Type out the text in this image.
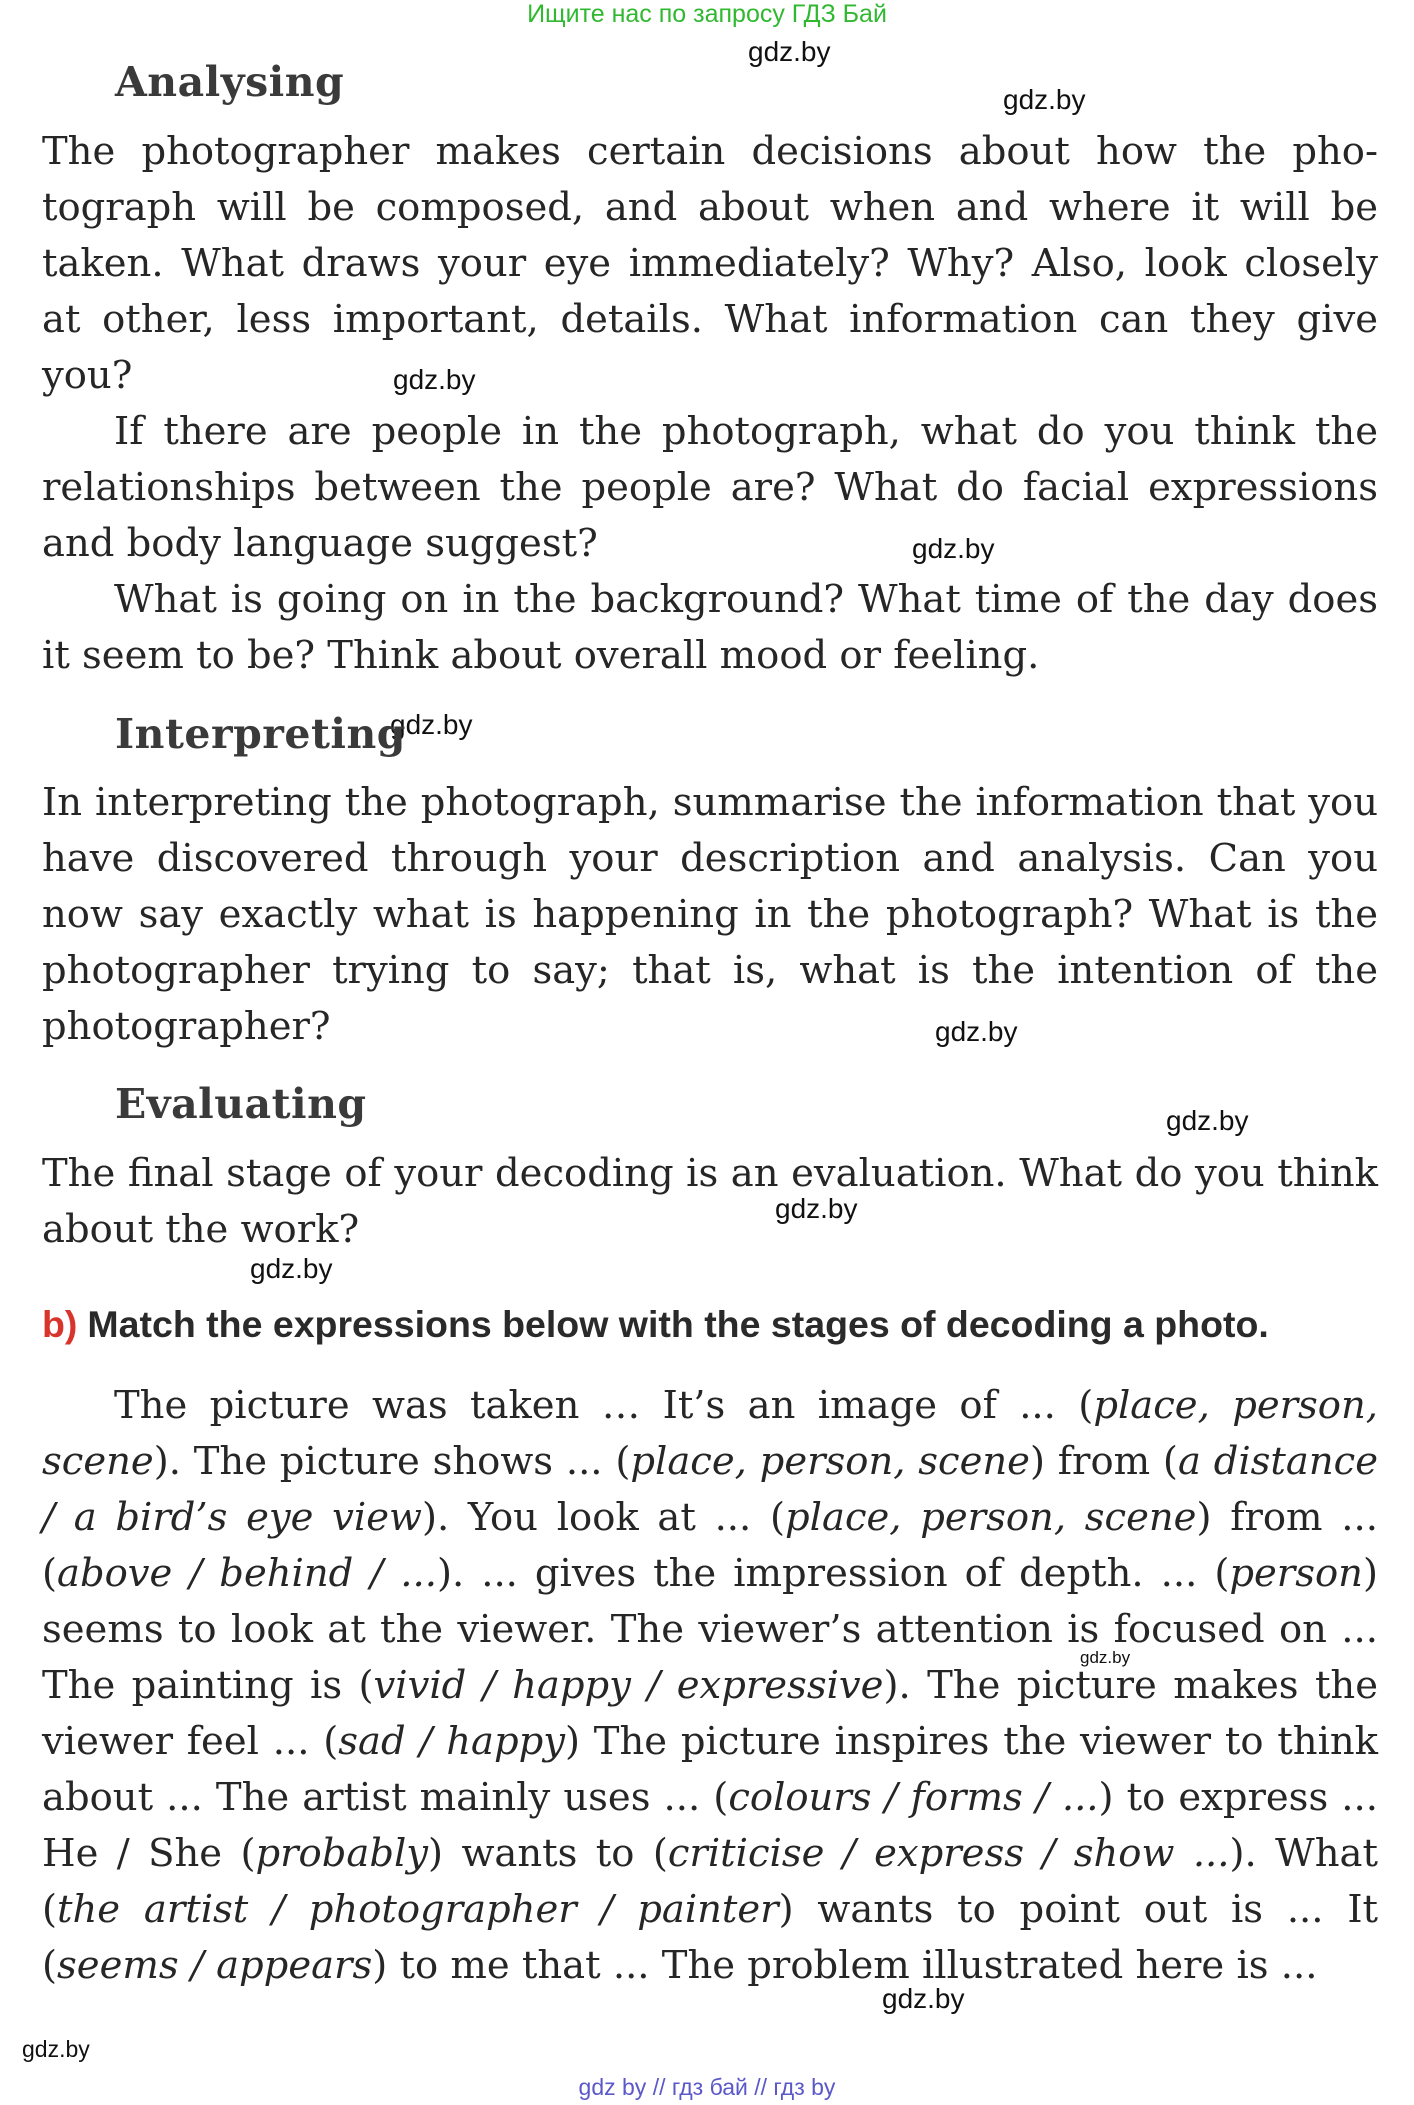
Ищите нас по запросу ГДЗ Бай
gdz.by
gdz.by
gdz.by
gdz.by
gdz.by
gdz.by
gdz.by
gdz.by
gdz.by
gdz.by
gdz.by
gdz.by
Analysing

The photographer makes certain decisions about how the photograph will be composed, and about when and where it will be taken. What draws your eye immediately? Why? Also, look closely at other, less important, details. What information can they give you?

If there are people in the photograph, what do you think the relationships between the people are? What do facial expressions and body language suggest?

What is going on in the background? What time of the day does it seem to be? Think about overall mood or feeling.

Interpreting

In interpreting the photograph, summarise the information that you have discovered through your description and analysis. Can you now say exactly what is happening in the photograph? What is the photographer trying to say; that is, what is the intention of the photographer?

Evaluating

The final stage of your decoding is an evaluation. What do you think about the work?

b) Match the expressions below with the stages of decoding a photo.
The picture was taken … It’s an image of ... (place, person, scene). The picture shows ... (place, person, scene) from (a distance / a bird’s eye view). You look at ... (place, person, scene) from ... (above / behind / ...). ... gives the impression of depth. ... (person) seems to look at the viewer. The viewer’s attention is focused on ... The painting is (vivid / happy / expressive). The picture makes the viewer feel ... (sad / happy) The picture inspires the viewer to think about ... The artist mainly uses ... (colours / forms / ...) to express ... He / She (probably) wants to (criticise / express / show ...). What (the artist / photographer / painter) wants to point out is ... It (seems / appears) to me that ... The problem illustrated here is ...
gdz by // гдз бай // гдз by
